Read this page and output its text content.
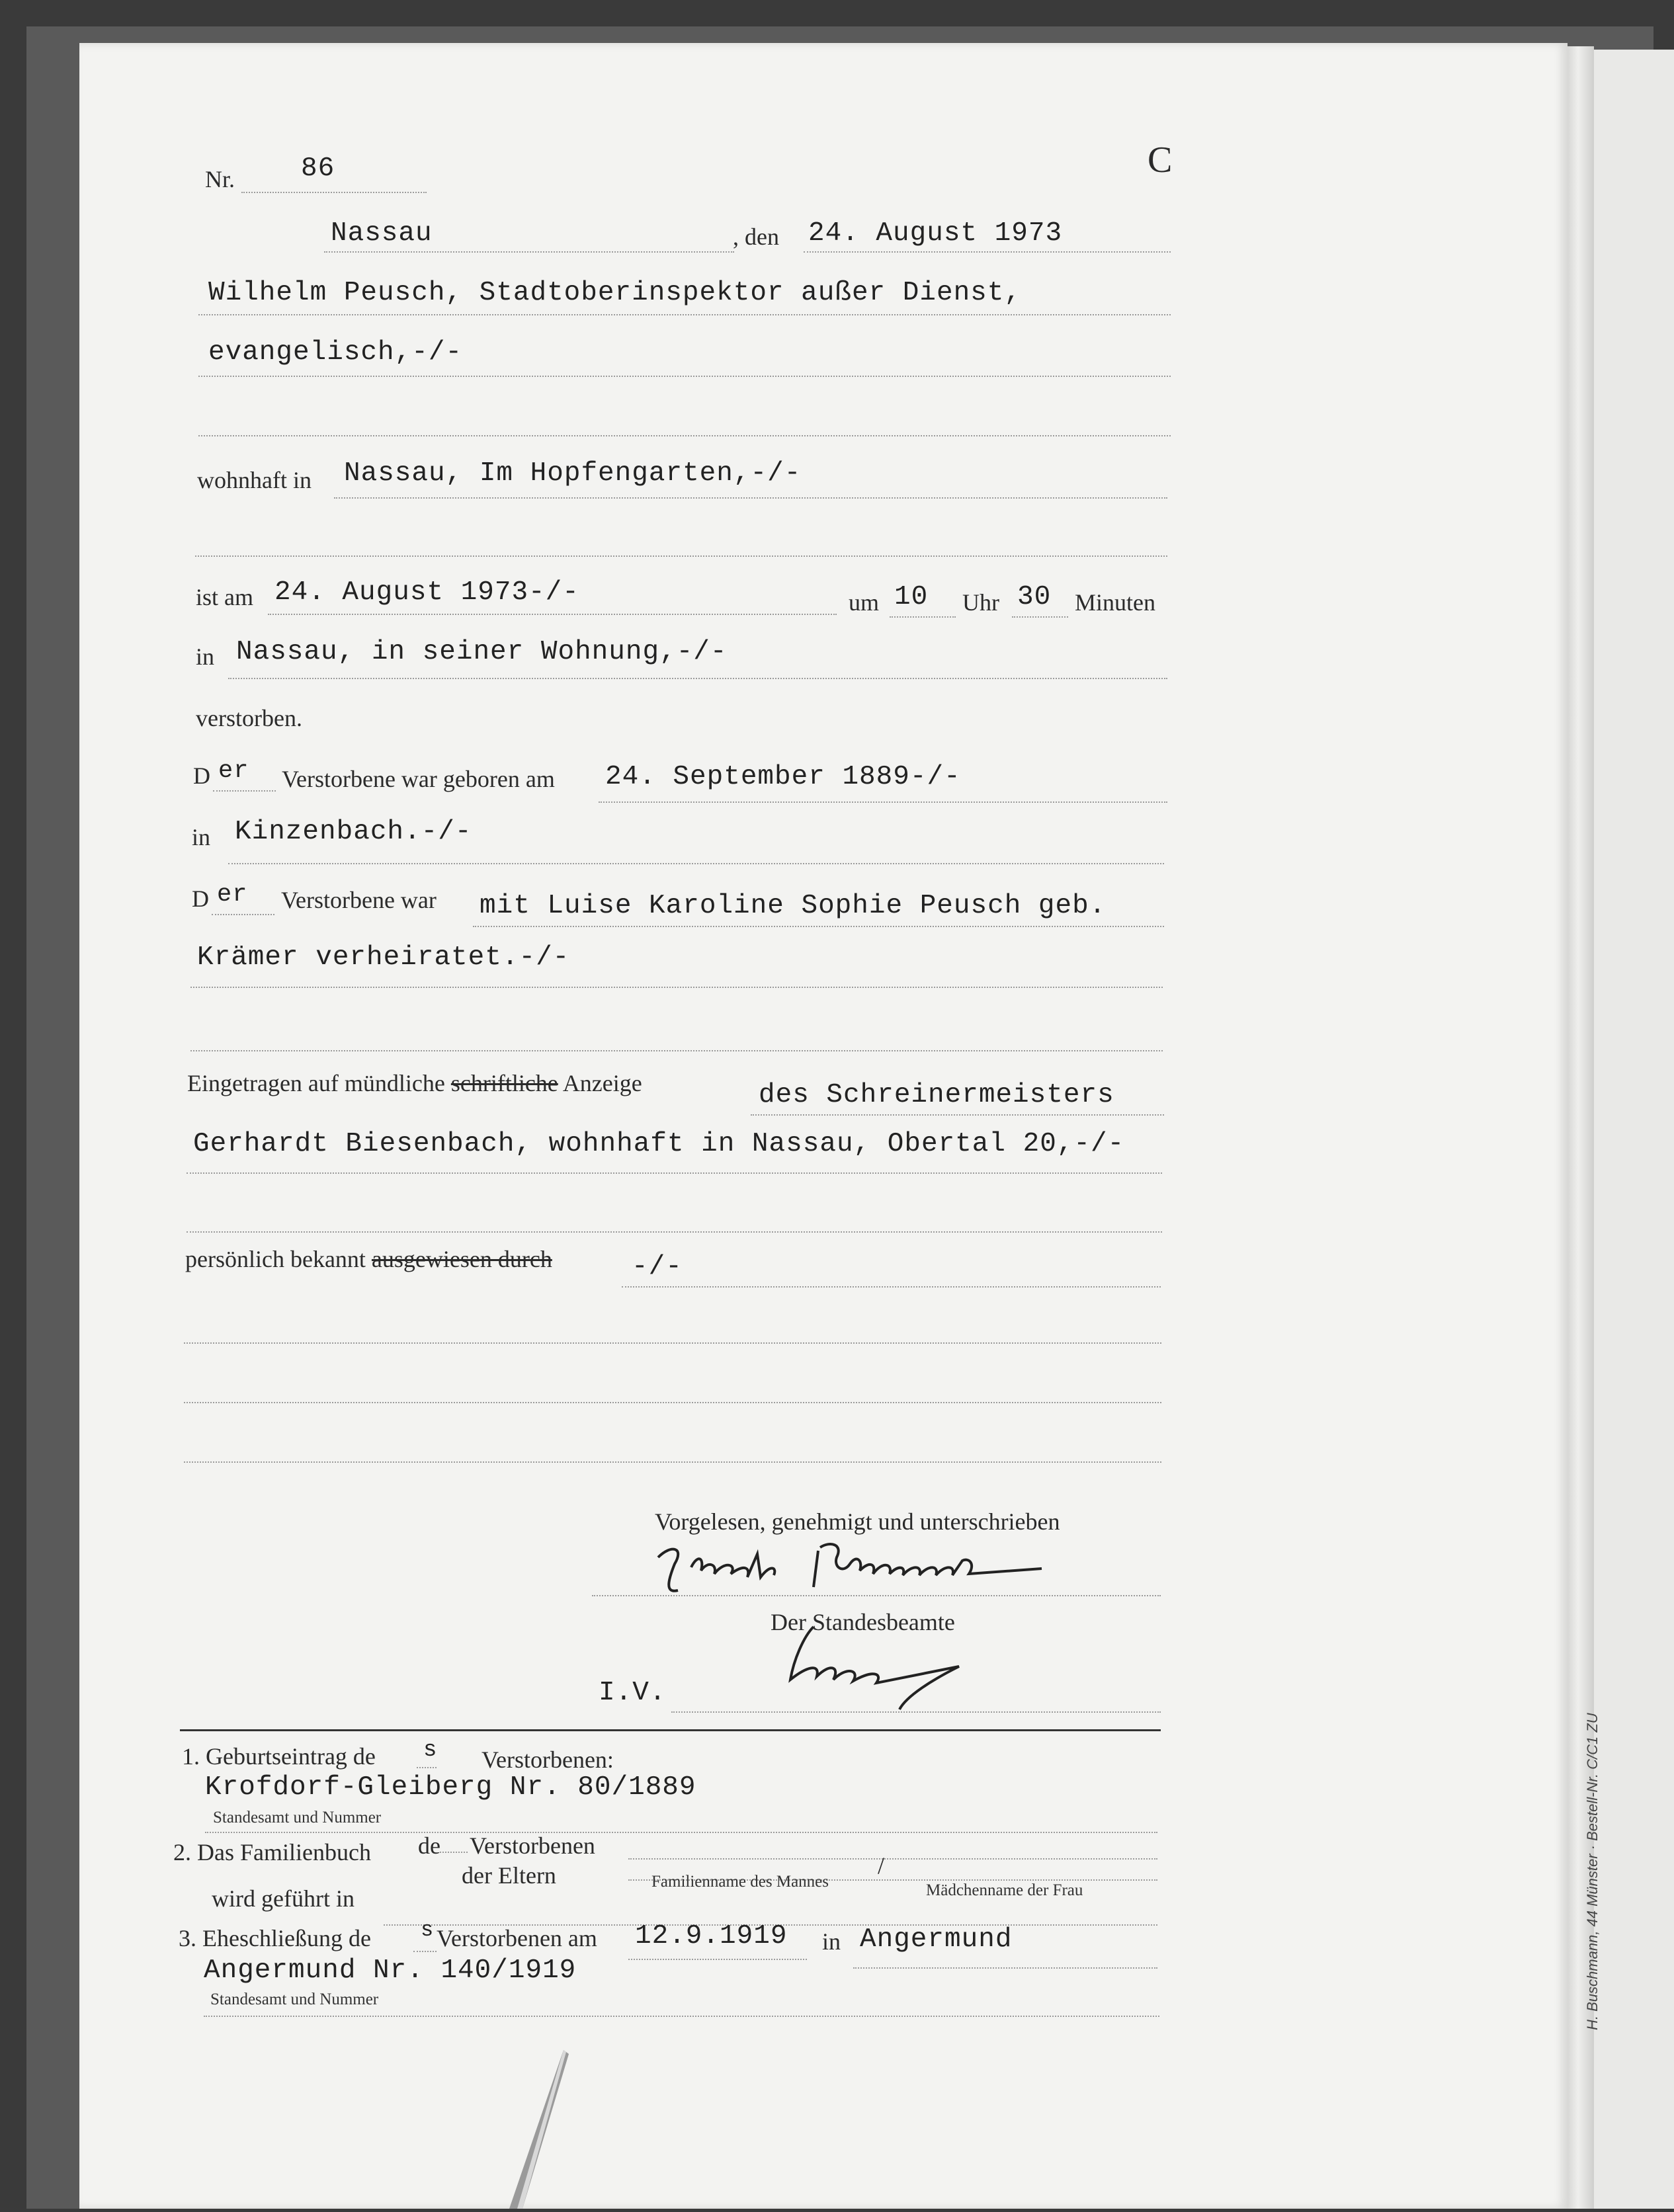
Nr. 86	C
Nassau	, den 24. August 1973
Wilhelm Peusch, Stadtoberinspektor außer Dienst,
evangelisch,-/-
wohnhaft in Nassau, Im Hopfengarten,-/-
ist am 24. August 1973-/-	um 10 Uhr 30 Minuten
in Nassau, in seiner Wohnung,-/-
verstorben.
D er Verstorbene war geboren am 24. September 1889-/-
in Kinzenbach.-/-
D er Verstorbene war mit Luise Karoline Sophie Peusch geb.
Krämer verheiratet.-/-
Eingetragen auf mündliche schriftliche Anzeige	des Schreinermeisters
Gerhardt Biesenbach, wohnhaft in Nassau, Obertal 20,-/-
persönlich bekannt ausgewiesen durch	-/-
Vorgelesen, genehmigt und unterschrieben
Der Standesbeamte
I.V.
1. Geburtseintrag de s Verstorbenen:
Krofdorf-Gleiberg Nr. 80/1889
Standesamt und Nummer
2. Das Familienbuch de Verstorbenen
der Eltern	/
Familienname des Mannes	Mädchenname der Frau
wird geführt in
3. Eheschließung de s Verstorbenen am 12.9.1919 in Angermund
Angermund Nr. 140/1919
Standesamt und Nummer	H. Buschmann, 44 Münster · Bestell-Nr. C/C1 ZU
